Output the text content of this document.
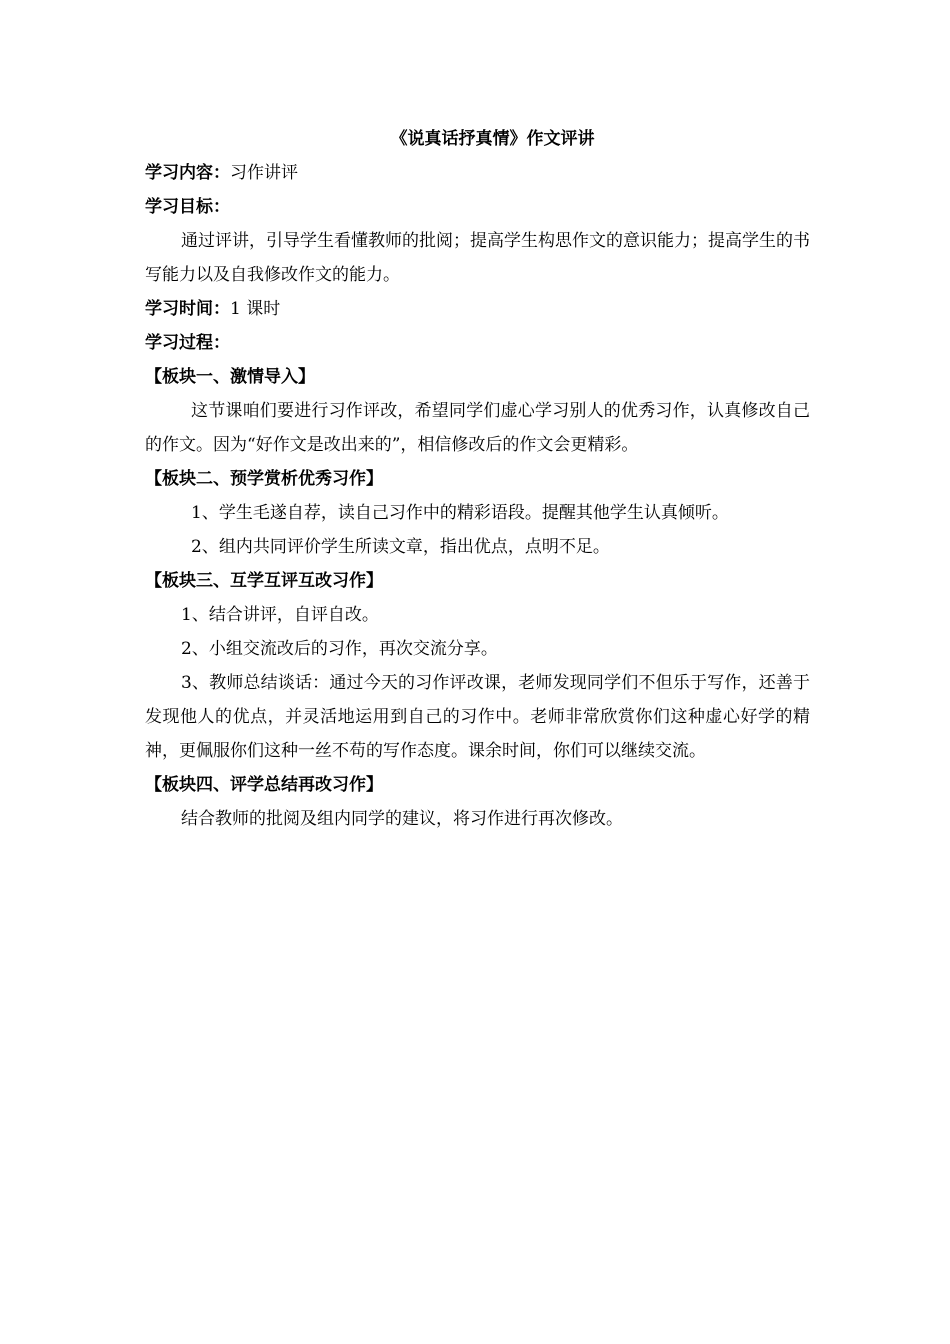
《说真话抒真情》作文评讲

学习内容：习作讲评

学习目标：

通过评讲，引导学生看懂教师的批阅；提高学生构思作文的意识能力；提高学生的书写能力以及自我修改作文的能力。

学习时间：1 课时

学习过程：

【板块一、激情导入】

这节课咱们要进行习作评改，希望同学们虚心学习别人的优秀习作，认真修改自己的作文。因为“好作文是改出来的”，相信修改后的作文会更精彩。

【板块二、预学赏析优秀习作】

1、学生毛遂自荐，读自己习作中的精彩语段。提醒其他学生认真倾听。

2、组内共同评价学生所读文章，指出优点，点明不足。

【板块三、互学互评互改习作】

1、结合讲评，自评自改。

2、小组交流改后的习作，再次交流分享。

3、教师总结谈话：通过今天的习作评改课，老师发现同学们不但乐于写作，还善于发现他人的优点，并灵活地运用到自己的习作中。老师非常欣赏你们这种虚心好学的精神，更佩服你们这种一丝不苟的写作态度。课余时间，你们可以继续交流。

【板块四、评学总结再改习作】

结合教师的批阅及组内同学的建议，将习作进行再次修改。
